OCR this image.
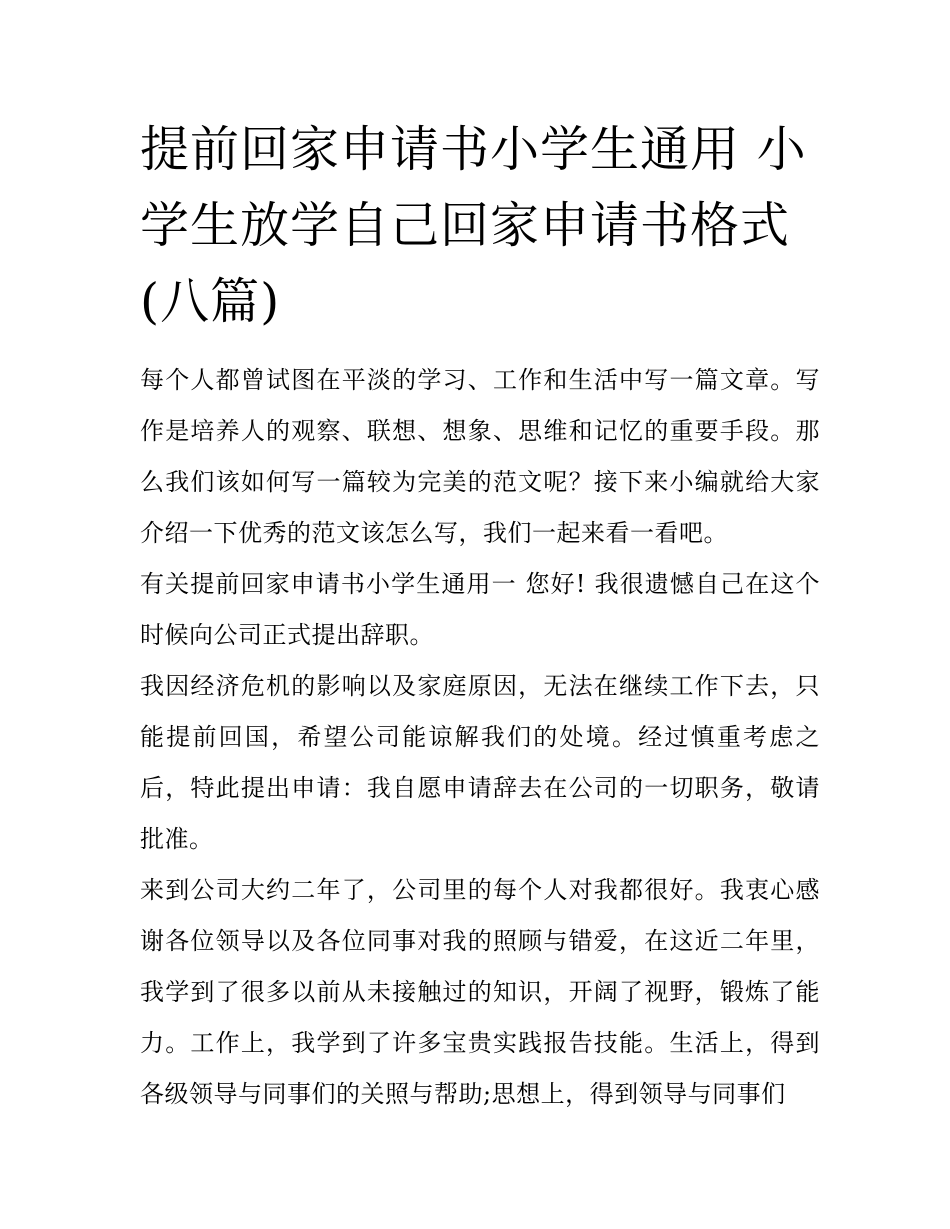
提前回家申请书小学生通用 小学生放学自己回家申请书格式(八篇)

每个人都曾试图在平淡的学习、工作和生活中写一篇文章。写作是培养人的观察、联想、想象、思维和记忆的重要手段。那么我们该如何写一篇较为完美的范文呢？接下来小编就给大家介绍一下优秀的范文该怎么写，我们一起来看一看吧。

有关提前回家申请书小学生通用一 您好! 我很遗憾自己在这个时候向公司正式提出辞职。

我因经济危机的影响以及家庭原因，无法在继续工作下去，只能提前回国，希望公司能谅解我们的处境。经过慎重考虑之后，特此提出申请：我自愿申请辞去在公司的一切职务，敬请批准。

来到公司大约二年了，公司里的每个人对我都很好。我衷心感谢各位领导以及各位同事对我的照顾与错爱，在这近二年里，我学到了很多以前从未接触过的知识，开阔了视野，锻炼了能力。工作上，我学到了许多宝贵实践报告技能。生活上，得到各级领导与同事们的关照与帮助;思想上，得到领导与同事们
